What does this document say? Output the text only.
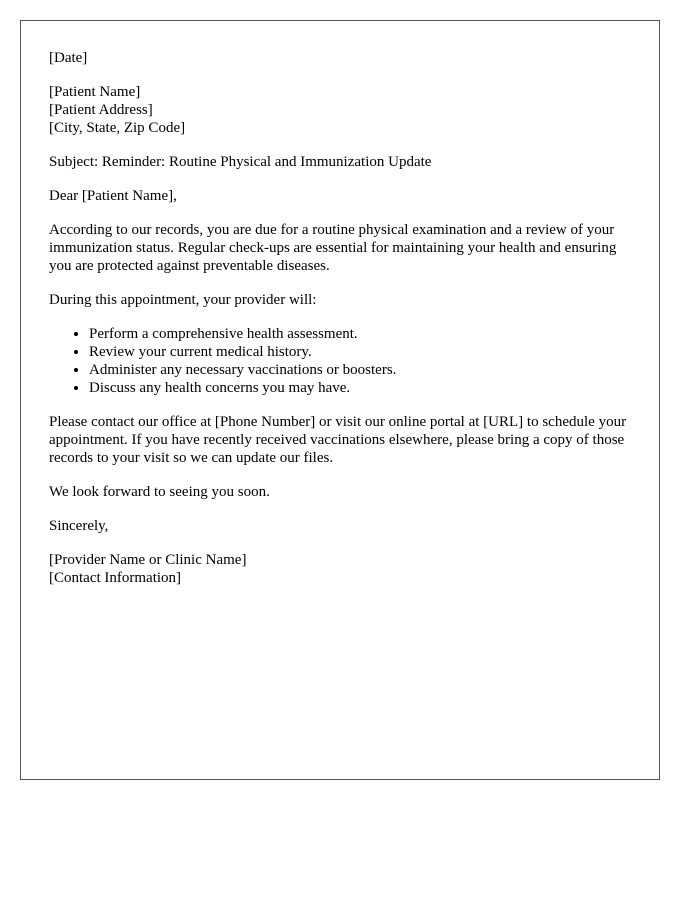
[Date]

[Patient Name]

[Patient Address]

[City, State, Zip Code]

Subject: Reminder: Routine Physical and Immunization Update

Dear [Patient Name],

According to our records, you are due for a routine physical examination and a review of your immunization status. Regular check-ups are essential for maintaining your health and ensuring you are protected against preventable diseases.

During this appointment, your provider will:

• Perform a comprehensive health assessment.
• Review your current medical history.
• Administer any necessary vaccinations or boosters.
• Discuss any health concerns you may have.

Please contact our office at [Phone Number] or visit our online portal at [URL] to schedule your appointment. If you have recently received vaccinations elsewhere, please bring a copy of those records to your visit so we can update our files.

We look forward to seeing you soon.

Sincerely,

[Provider Name or Clinic Name]

[Contact Information]
